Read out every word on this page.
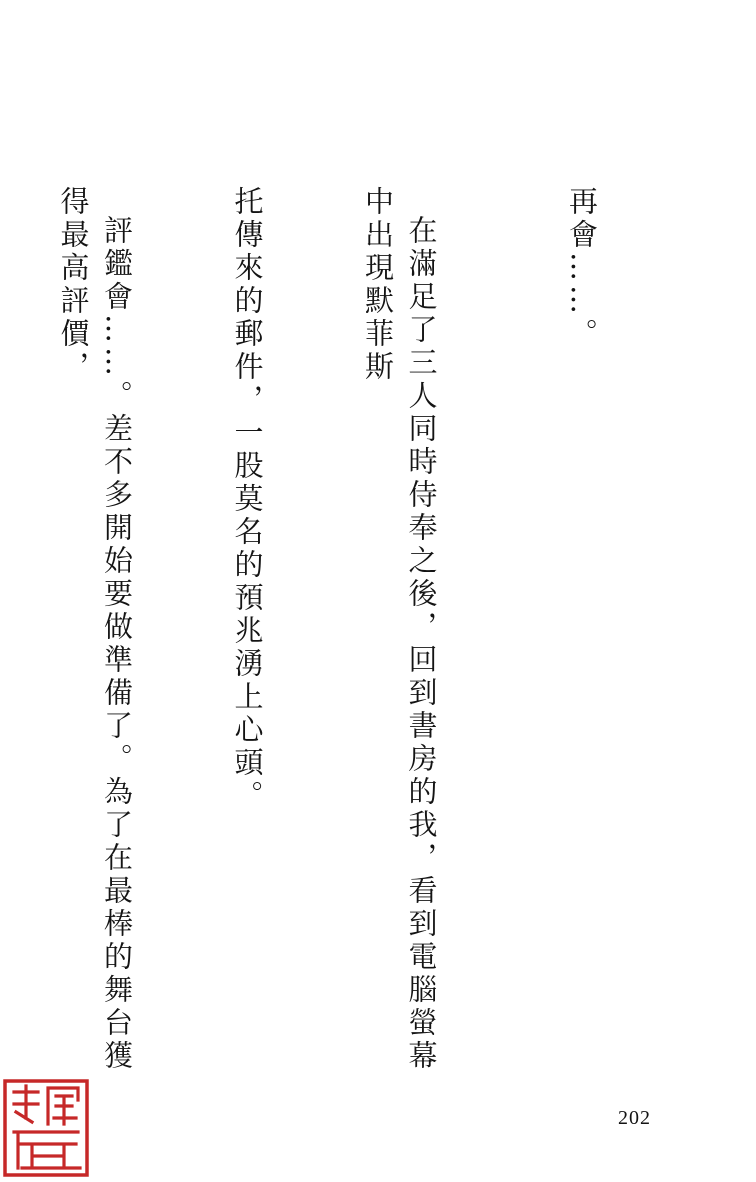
再會……。

在滿足了三人同時侍奉之後，回到書房的我，看到電腦螢幕中出現默菲斯

托傳來的郵件，一股莫名的預兆湧上心頭。

評鑑會……。差不多開始要做準備了。為了在最棒的舞台獲得最高評價，

202
